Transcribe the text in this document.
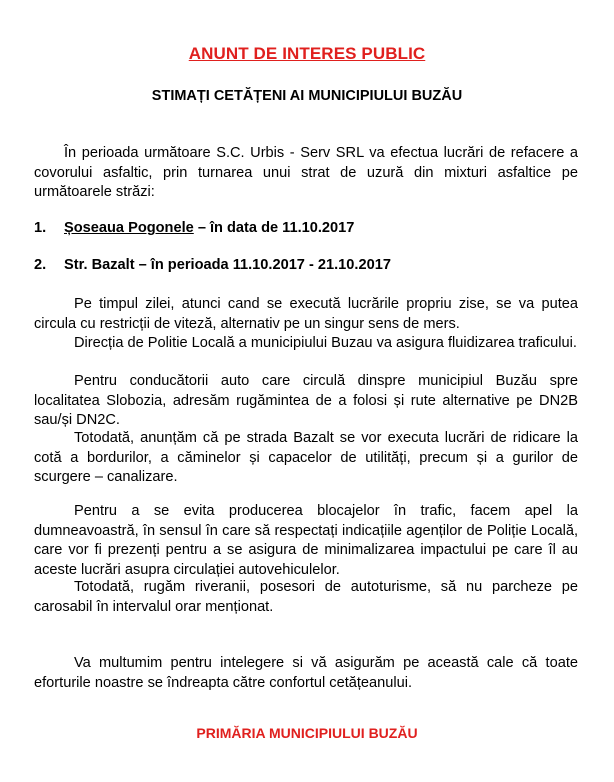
ANUNT DE INTERES PUBLIC
STIMAȚI CETĂȚENI AI MUNICIPIULUI BUZĂU
În perioada următoare S.C. Urbis - Serv SRL va efectua lucrări de refacere a covorului asfaltic, prin turnarea unui strat de uzură din mixturi asfaltice pe următoarele străzi:
1. Șoseaua Pogonele – în data de 11.10.2017
2. Str. Bazalt – în perioada 11.10.2017 - 21.10.2017
Pe timpul zilei, atunci cand se execută lucrările propriu zise, se va putea circula cu restricții de viteză, alternativ pe un singur sens de mers.
Direcția de Politie Locală a municipiului Buzau va asigura fluidizarea traficului.
Pentru conducătorii auto care circulă dinspre municipiul Buzău spre localitatea Slobozia, adresăm rugămintea de a folosi și rute alternative pe DN2B sau/și DN2C.
Totodată, anunțăm că pe strada Bazalt se vor executa lucrări de ridicare la cotă a bordurilor, a căminelor și capacelor de utilități, precum și a gurilor de scurgere – canalizare.
Pentru a se evita producerea blocajelor în trafic, facem apel la dumneavoastră, în sensul în care să respectați indicațiile agenților de Poliție Locală, care vor fi prezenți pentru a se asigura de minimalizarea impactului pe care îl au aceste lucrări asupra circulației autovehiculelor.
Totodată, rugăm riveranii, posesori de autoturisme, să nu parcheze pe carosabil în intervalul orar menționat.
Va multumim pentru intelegere si vă asigurăm pe această cale că toate eforturile noastre se îndreapta către confortul cetățeanului.
PRIMĂRIA MUNICIPIULUI BUZĂU
